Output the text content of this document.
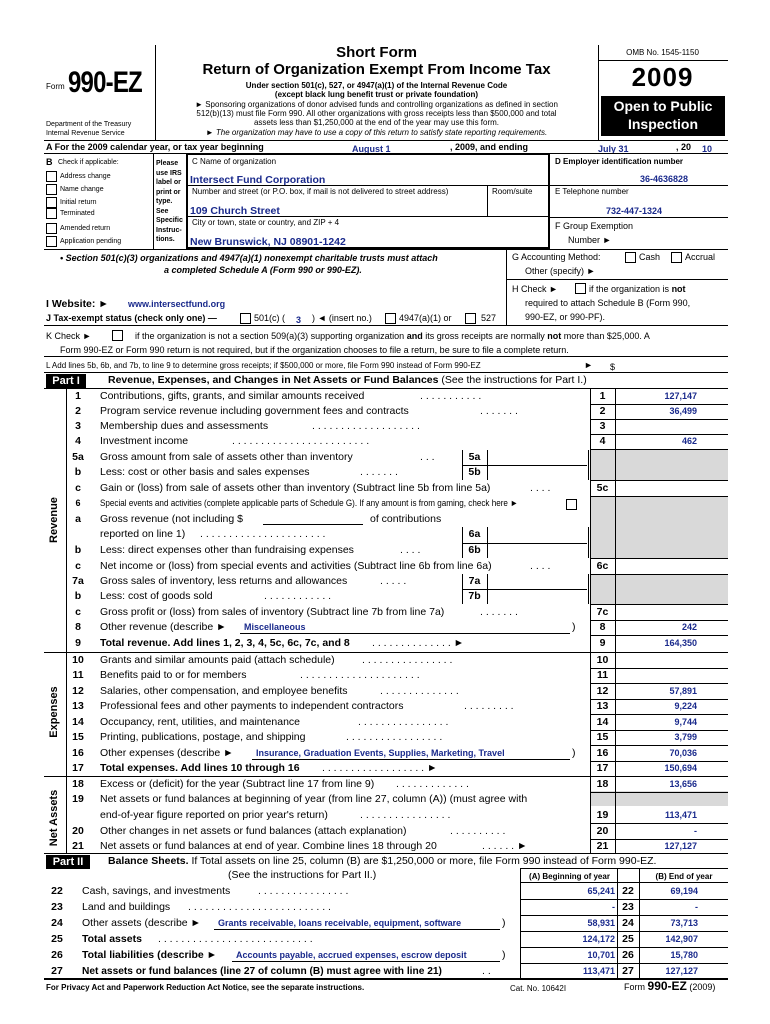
Form 990-EZ
Department of the Treasury
Internal Revenue Service
Short Form
Return of Organization Exempt From Income Tax
Under section 501(c), 527, or 4947(a)(1) of the Internal Revenue Code
(except black lung benefit trust or private foundation)
► Sponsoring organizations of donor advised funds and controlling organizations as defined in section
512(b)(13) must file Form 990. All other organizations with gross receipts less than $500,000 and total
assets less than $1,250,000 at the end of the year may use this form.
► The organization may have to use a copy of this return to satisfy state reporting requirements.
OMB No. 1545-1150
2009
Open to Public
Inspection
A For the 2009 calendar year, or tax year beginning	August 1	, 2009, and ending	July 31	, 20 10
B Check if applicable:
Address change
Name change
Initial return
Terminated
Amended return
Application pending
Please
use IRS
label or
print or
type.
See
Specific
Instruc-
tions.
C Name of organization
Intersect Fund Corporation
Number and street (or P.O. box, if mail is not delivered to street address)	Room/suite
109 Church Street
City or town, state or country, and ZIP + 4
New Brunswick, NJ 08901-1242
D Employer identification number
36-4636828
E Telephone number
732-447-1324
F Group Exemption
Number ►
• Section 501(c)(3) organizations and 4947(a)(1) nonexempt charitable trusts must attach
a completed Schedule A (Form 990 or 990-EZ).
G Accounting Method:	Cash	Accrual
Other (specify) ►
H Check ►	if the organization is not
required to attach Schedule B (Form 990,
990-EZ, or 990-PF).
I Website: ► www.intersectfund.org
J Tax-exempt status (check only one) —	501(c) ( 3 ) ◄ (insert no.)	4947(a)(1) or	527
K Check ►	if the organization is not a section 509(a)(3) supporting organization and its gross receipts are normally not more than $25,000. A
Form 990-EZ or Form 990 return is not required, but if the organization chooses to file a return, be sure to file a complete return.
L Add lines 5b, 6b, and 7b, to line 9 to determine gross receipts; if $500,000 or more, file Form 990 instead of Form 990-EZ	► $
Part I	Revenue, Expenses, and Changes in Net Assets or Fund Balances (See the instructions for Part I.)
Revenue
Expenses
Net Assets
1	Contributions, gifts, grants, and similar amounts received	. . . . . . . . . . .	1	127,147
2	Program service revenue including government fees and contracts	. . . . . . .	2	36,499
3	Membership dues and assessments	. . . . . . . . . . . . . . . . . . .	3
4	Investment income	. . . . . . . . . . . . . . . . . . . . . . . .	4	462
5a Gross amount from sale of assets other than inventory	. . .	5a
b	Less: cost or other basis and sales expenses	. . . . . . .	5b
c	Gain or (loss) from sale of assets other than inventory (Subtract line 5b from line 5a)	. . . .	5c
6	Special events and activities (complete applicable parts of Schedule G). If any amount is from gaming, check here ►
a	Gross revenue (not including $	of contributions
reported on line 1) . . . . . . . . . . . . . . . . . . . . . .	6a
b	Less: direct expenses other than fundraising expenses	. . . .	6b
c	Net income or (loss) from special events and activities (Subtract line 6b from line 6a)	. . . .	6c
7a Gross sales of inventory, less returns and allowances	. . . . .	7a
b	Less: cost of goods sold	. . . . . . . . . . . .	7b
c	Gross profit or (loss) from sales of inventory (Subtract line 7b from line 7a)	. . . . . . .	7c
8	Other revenue (describe ► Miscellaneous	)	8	242
9	Total revenue. Add lines 1, 2, 3, 4, 5c, 6c, 7c, and 8 . . . . . . . . . . . . . . ►	9	164,350
10 Grants and similar amounts paid (attach schedule)	. . . . . . . . . . . . . . . .	10
11 Benefits paid to or for members	. . . . . . . . . . . . . . . . . . . . .	11
12 Salaries, other compensation, and employee benefits	. . . . . . . . . . . . . .	12	57,891
13 Professional fees and other payments to independent contractors	. . . . . . . . .	13	9,224
14 Occupancy, rent, utilities, and maintenance	. . . . . . . . . . . . . . . .	14	9,744
15 Printing, publications, postage, and shipping	. . . . . . . . . . . . . . . . .	15	3,799
16 Other expenses (describe ► Insurance, Graduation Events, Supplies, Marketing, Travel	)	16	70,036
17 Total expenses. Add lines 10 through 16 . . . . . . . . . . . . . . . . . . ►	17	150,694
18 Excess or (deficit) for the year (Subtract line 17 from line 9) . . . . . . . . . . . . .	18	13,656
19 Net assets or fund balances at beginning of year (from line 27, column (A)) (must agree with
end-of-year figure reported on prior year's return)	. . . . . . . . . . . . . . . .	19	113,471
20 Other changes in net assets or fund balances (attach explanation)	. . . . . . . . . .	20	-
21 Net assets or fund balances at end of year. Combine lines 18 through 20	. . . . . . ►	21	127,127
Part II	Balance Sheets. If Total assets on line 25, column (B) are $1,250,000 or more, file Form 990 instead of Form 990-EZ.
(See the instructions for Part II.)	(A) Beginning of year	(B) End of year
22	Cash, savings, and investments	. . . . . . . . . . . . . . . .	65,241 22	69,194
23	Land and buildings . . . . . . . . . . . . . . . . . . . . . . . . .	- 23	-
24	Other assets (describe ► Grants receivable, loans receivable, equipment, software	)	58,931 24	73,713
25	Total assets . . . . . . . . . . . . . . . . . . . . . . . . . . .	124,172 25	142,907
26	Total liabilities (describe ► Accounts payable, accrued expenses, escrow deposit	)	10,701 26	15,780
27	Net assets or fund balances (line 27 of column (B) must agree with line 21)	. .	113,471 27	127,127
For Privacy Act and Paperwork Reduction Act Notice, see the separate instructions.	Cat. No. 10642I	Form 990-EZ (2009)
